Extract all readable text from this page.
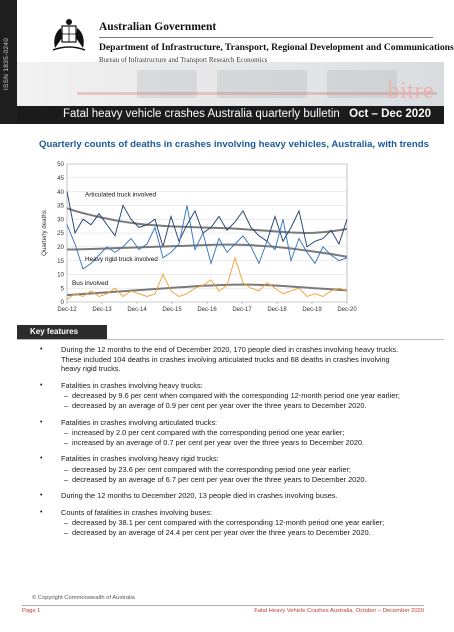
ISSN 1835-0240
bitre
Australian Government
Department of Infrastructure, Transport, Regional Development and Communications
Bureau of Infrastructure and Transport Research Economics
Fatal heavy vehicle crashes Australia quarterly bulletin Oct – Dec 2020
Quarterly counts of deaths in crashes involving heavy vehicles, Australia, with trends
0
5
10
15
20
25
30
35
40
45
50
Dec-12	Dec-13	Dec-14	Dec-15	Dec-16	Dec-17	Dec-18	Dec-19	Dec-20
Quarterly deaths
Articulated truck involved
Heavy rigid truck involved
Bus involved
Key features
•	During the 12 months to the end of December 2020, 170 people died in crashes involving heavy trucks. These included 104 deaths in crashes involving articulated trucks and 68 deaths in crashes involving heavy rigid trucks.
•	Fatalities in crashes involving heavy trucks:
– decreased by 9.6 per cent when compared with the corresponding 12-month period one year earlier;
– decreased by an average of 0.9 per cent per year over the three years to December 2020.
•	Fatalities in crashes involving articulated trucks:
– increased by 2.0 per cent compared with the corresponding period one year earlier;
– increased by an average of 0.7 per cent per year over the three years to December 2020.
•	Fatalities in crashes involving heavy rigid trucks:
– decreased by 23.6 per cent compared with the corresponding period one year earlier;
– decreased by an average of 6.7 per cent per year over the three years to December 2020.
•	During the 12 months to December 2020, 13 people died in crashes involving buses.
•	Counts of fatalities in crashes involving buses:
– decreased by 38.1 per cent compared with the corresponding 12-month period one year earlier;
– decreased by an average of 24.4 per cent per year over the three years to December 2020.
© Copyright Commonwealth of Australia
Page 1	Fatal Heavy Vehicle Crashes Australia, October – December 2020
